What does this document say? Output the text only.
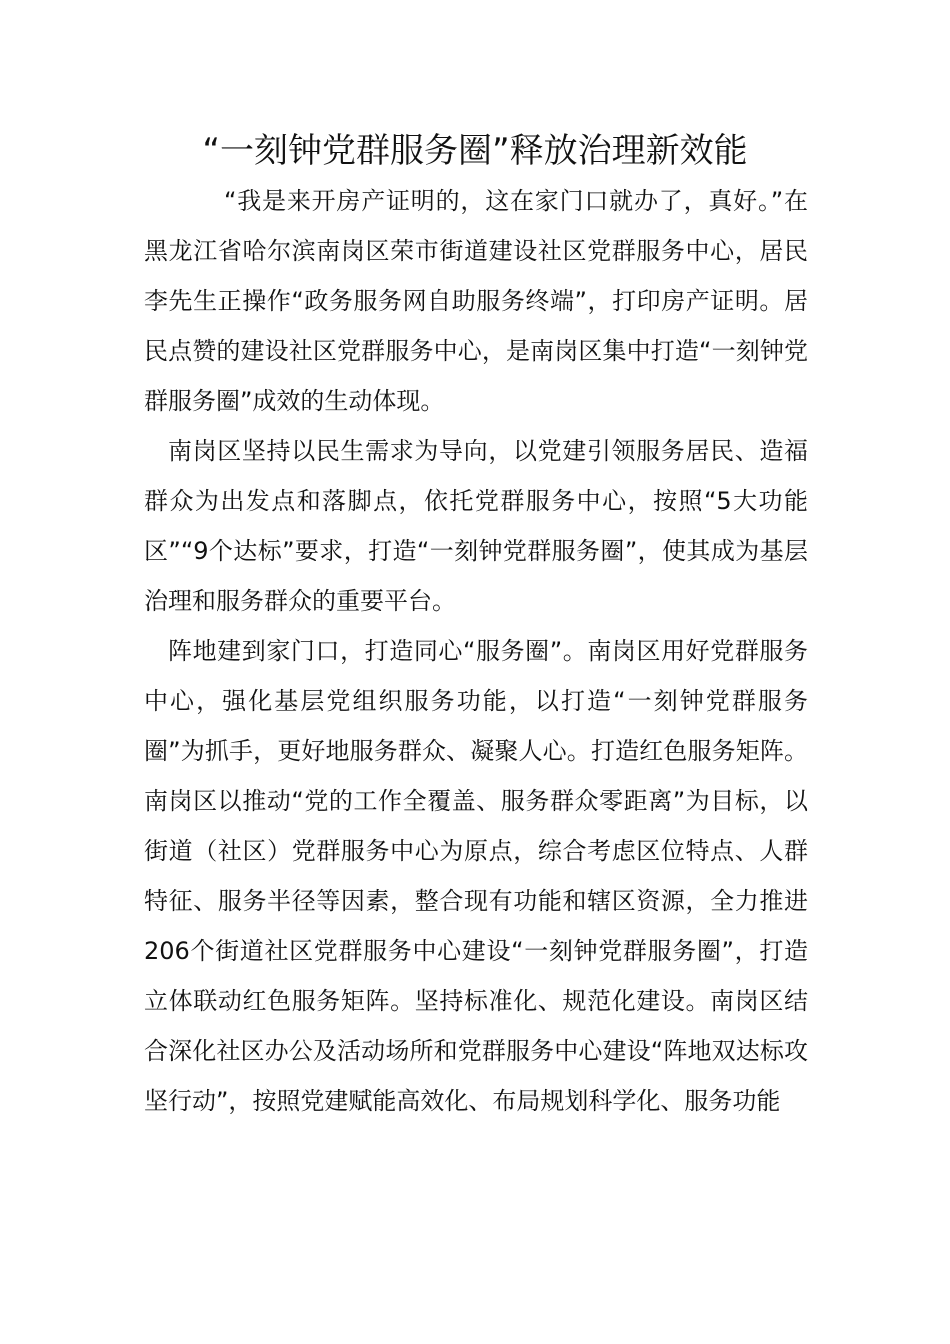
“一刻钟党群服务圈”释放治理新效能

“我是来开房产证明的，这在家门口就办了，真好。”在黑龙江省哈尔滨南岗区荣市街道建设社区党群服务中心，居民李先生正操作“政务服务网自助服务终端”，打印房产证明。居民点赞的建设社区党群服务中心，是南岗区集中打造“一刻钟党群服务圈”成效的生动体现。

南岗区坚持以民生需求为导向，以党建引领服务居民、造福群众为出发点和落脚点，依托党群服务中心，按照“5大功能区”“9个达标”要求，打造“一刻钟党群服务圈”，使其成为基层治理和服务群众的重要平台。

阵地建到家门口，打造同心“服务圈”。南岗区用好党群服务中心，强化基层党组织服务功能，以打造“一刻钟党群服务圈”为抓手，更好地服务群众、凝聚人心。打造红色服务矩阵。南岗区以推动“党的工作全覆盖、服务群众零距离”为目标，以街道（社区）党群服务中心为原点，综合考虑区位特点、人群特征、服务半径等因素，整合现有功能和辖区资源，全力推进206个街道社区党群服务中心建设“一刻钟党群服务圈”，打造立体联动红色服务矩阵。坚持标准化、规范化建设。南岗区结合深化社区办公及活动场所和党群服务中心建设“阵地双达标攻坚行动”，按照党建赋能高效化、布局规划科学化、服务功能
